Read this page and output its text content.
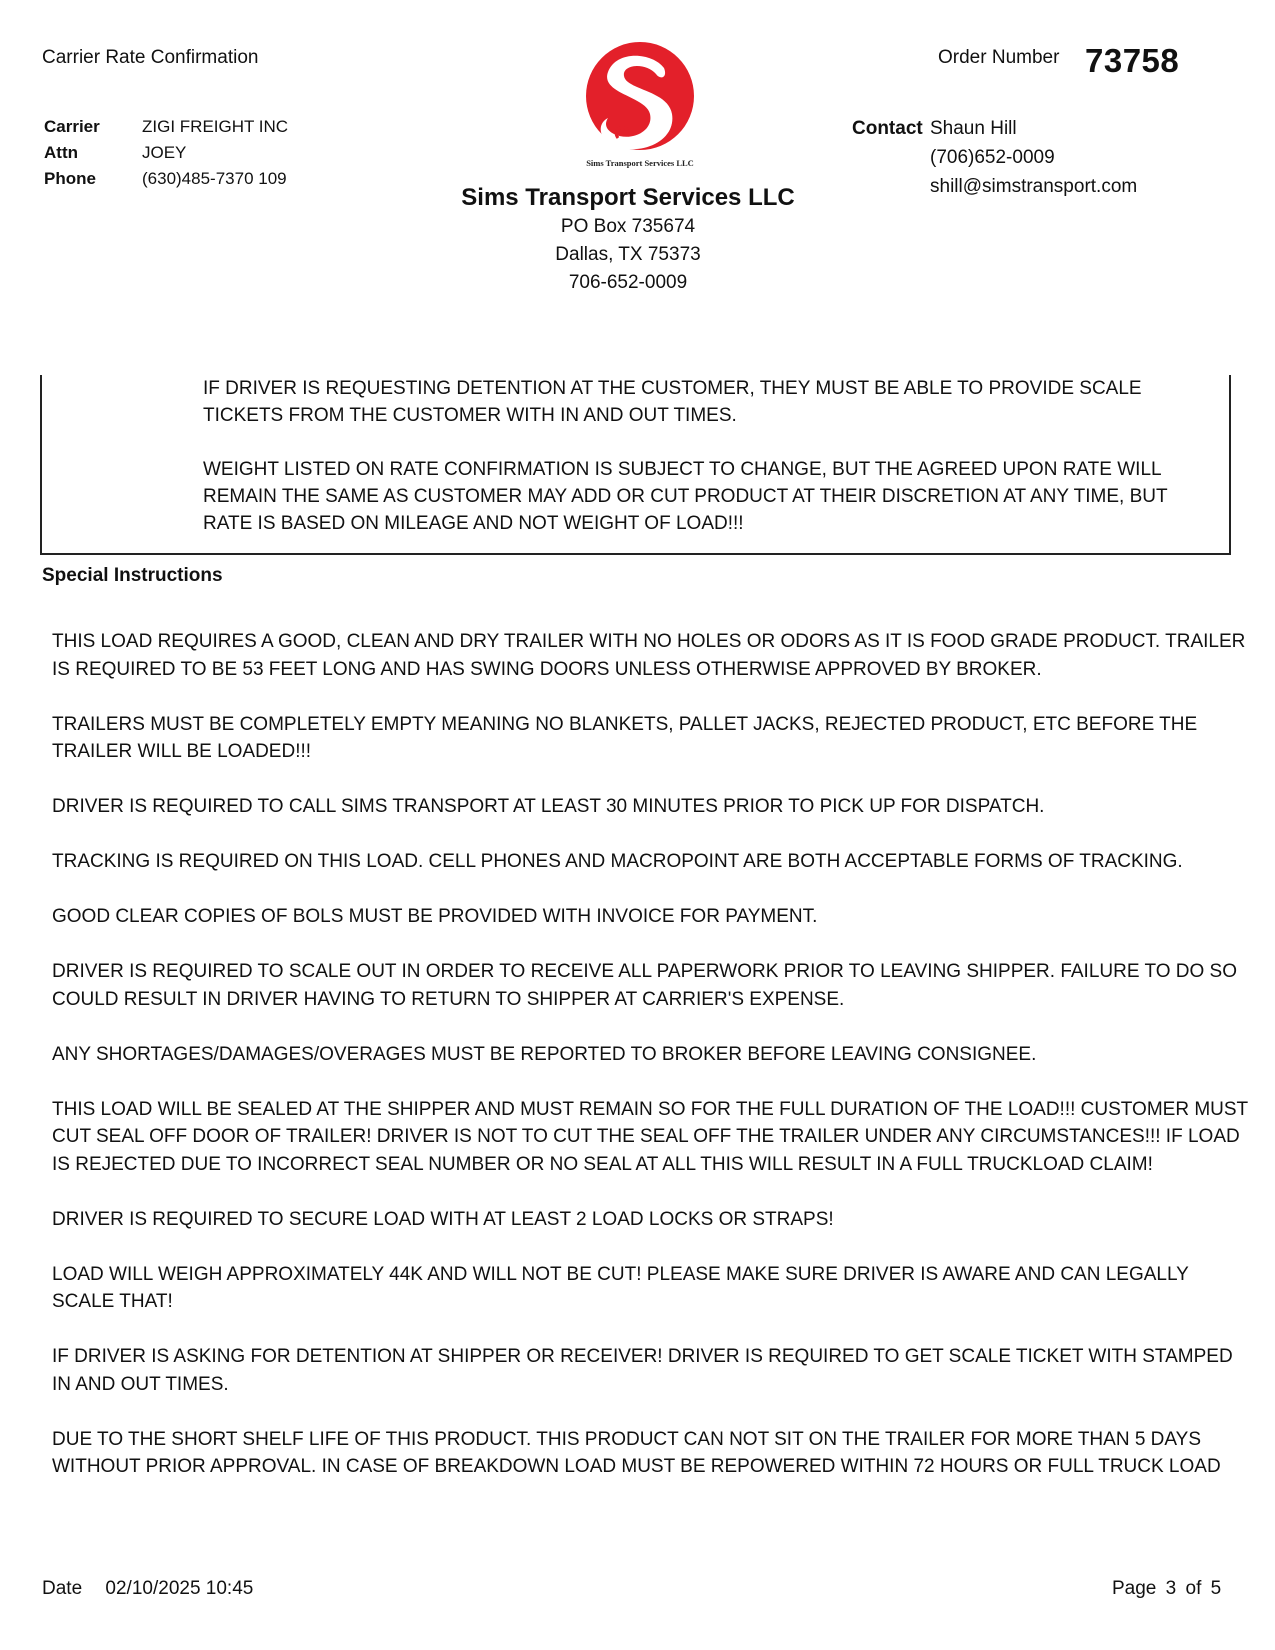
Carrier Rate Confirmation	Order Number 73758
Carrier	ZIGI FREIGHT INC
Attn	JOEY
Phone	(630)485-7370 109
Sims Transport Services LLC
Sims Transport Services LLC
PO Box 735674
Dallas, TX 75373
706-652-0009
Contact Shaun Hill
(706)652-0009
shill@simstransport.com
IF DRIVER IS REQUESTING DETENTION AT THE CUSTOMER, THEY MUST BE ABLE TO PROVIDE SCALE TICKETS FROM THE CUSTOMER WITH IN AND OUT TIMES.
WEIGHT LISTED ON RATE CONFIRMATION IS SUBJECT TO CHANGE, BUT THE AGREED UPON RATE WILL REMAIN THE SAME AS CUSTOMER MAY ADD OR CUT PRODUCT AT THEIR DISCRETION AT ANY TIME, BUT RATE IS BASED ON MILEAGE AND NOT WEIGHT OF LOAD!!!
Special Instructions

THIS LOAD REQUIRES A GOOD, CLEAN AND DRY TRAILER WITH NO HOLES OR ODORS AS IT IS FOOD GRADE PRODUCT. TRAILER IS REQUIRED TO BE 53 FEET LONG AND HAS SWING DOORS UNLESS OTHERWISE APPROVED BY BROKER.

TRAILERS MUST BE COMPLETELY EMPTY MEANING NO BLANKETS, PALLET JACKS, REJECTED PRODUCT, ETC BEFORE THE TRAILER WILL BE LOADED!!!

DRIVER IS REQUIRED TO CALL SIMS TRANSPORT AT LEAST 30 MINUTES PRIOR TO PICK UP FOR DISPATCH.

TRACKING IS REQUIRED ON THIS LOAD. CELL PHONES AND MACROPOINT ARE BOTH ACCEPTABLE FORMS OF TRACKING.

GOOD CLEAR COPIES OF BOLS MUST BE PROVIDED WITH INVOICE FOR PAYMENT.

DRIVER IS REQUIRED TO SCALE OUT IN ORDER TO RECEIVE ALL PAPERWORK PRIOR TO LEAVING SHIPPER. FAILURE TO DO SO COULD RESULT IN DRIVER HAVING TO RETURN TO SHIPPER AT CARRIER'S EXPENSE.

ANY SHORTAGES/DAMAGES/OVERAGES MUST BE REPORTED TO BROKER BEFORE LEAVING CONSIGNEE.

THIS LOAD WILL BE SEALED AT THE SHIPPER AND MUST REMAIN SO FOR THE FULL DURATION OF THE LOAD!!! CUSTOMER MUST CUT SEAL OFF DOOR OF TRAILER! DRIVER IS NOT TO CUT THE SEAL OFF THE TRAILER UNDER ANY CIRCUMSTANCES!!! IF LOAD IS REJECTED DUE TO INCORRECT SEAL NUMBER OR NO SEAL AT ALL THIS WILL RESULT IN A FULL TRUCKLOAD CLAIM!

DRIVER IS REQUIRED TO SECURE LOAD WITH AT LEAST 2 LOAD LOCKS OR STRAPS!

LOAD WILL WEIGH APPROXIMATELY 44K AND WILL NOT BE CUT! PLEASE MAKE SURE DRIVER IS AWARE AND CAN LEGALLY SCALE THAT!

IF DRIVER IS ASKING FOR DETENTION AT SHIPPER OR RECEIVER! DRIVER IS REQUIRED TO GET SCALE TICKET WITH STAMPED IN AND OUT TIMES.

DUE TO THE SHORT SHELF LIFE OF THIS PRODUCT. THIS PRODUCT CAN NOT SIT ON THE TRAILER FOR MORE THAN 5 DAYS WITHOUT PRIOR APPROVAL. IN CASE OF BREAKDOWN LOAD MUST BE REPOWERED WITHIN 72 HOURS OR FULL TRUCK LOAD

Date 02/10/2025 10:45	Page 3 of 5
